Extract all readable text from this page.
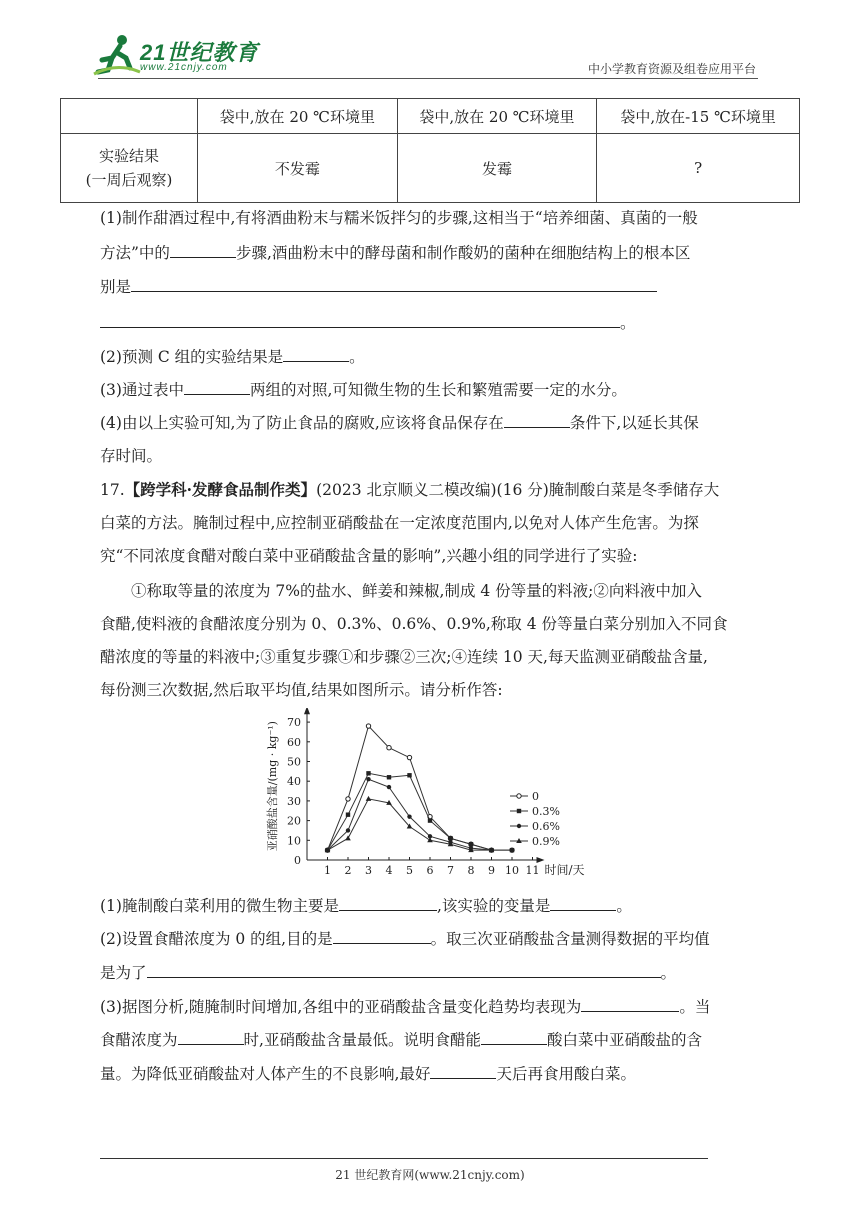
21世纪教育
www.21cnjy.com	中小学教育资源及组卷应用平台
	袋中,放在 20 ℃环境里	袋中,放在 20 ℃环境里	袋中,放在-15 ℃环境里

实验结果
(一周后观察)	不发霉	发霉	?
(1)制作甜酒过程中,有将酒曲粉末与糯米饭拌匀的步骤,这相当于“培养细菌、真菌的一般
方法”中的	步骤,酒曲粉末中的酵母菌和制作酸奶的菌种在细胞结构上的根本区
别是
。
(2)预测 C 组的实验结果是	。
(3)通过表中	两组的对照,可知微生物的生长和繁殖需要一定的水分。
(4)由以上实验可知,为了防止食品的腐败,应该将食品保存在	条件下,以延长其保
存时间。
17.【跨学科·发酵食品制作类】(2023 北京顺义二模改编)(16 分)腌制酸白菜是冬季储存大
白菜的方法。腌制过程中,应控制亚硝酸盐在一定浓度范围内,以免对人体产生危害。为探
究“不同浓度食醋对酸白菜中亚硝酸盐含量的影响”,兴趣小组的同学进行了实验:
①称取等量的浓度为 7%的盐水、鲜姜和辣椒,制成 4 份等量的料液;②向料液中加入
食醋,使料液的食醋浓度分别为 0、0.3%、0.6%、0.9%,称取 4 份等量白菜分别加入不同食
醋浓度的等量的料液中;③重复步骤①和步骤②三次;④连续 10 天,每天监测亚硝酸盐含量,
每份测三次数据,然后取平均值,结果如图所示。请分析作答:
0
10
20
30
40
50
60
70
1 2 3 4 5 6 7 8 9 10 11 时间/天
亚硝酸盐含量/(mg · kg⁻¹)	0
0.3%
0.6%
0.9%
(1)腌制酸白菜利用的微生物主要是	,该实验的变量是	。
(2)设置食醋浓度为 0 的组,目的是	。取三次亚硝酸盐含量测得数据的平均值
是为了	。
(3)据图分析,随腌制时间增加,各组中的亚硝酸盐含量变化趋势均表现为	。当
食醋浓度为	时,亚硝酸盐含量最低。说明食醋能	酸白菜中亚硝酸盐的含
量。为降低亚硝酸盐对人体产生的不良影响,最好	天后再食用酸白菜。
21 世纪教育网(www.21cnjy.com)
